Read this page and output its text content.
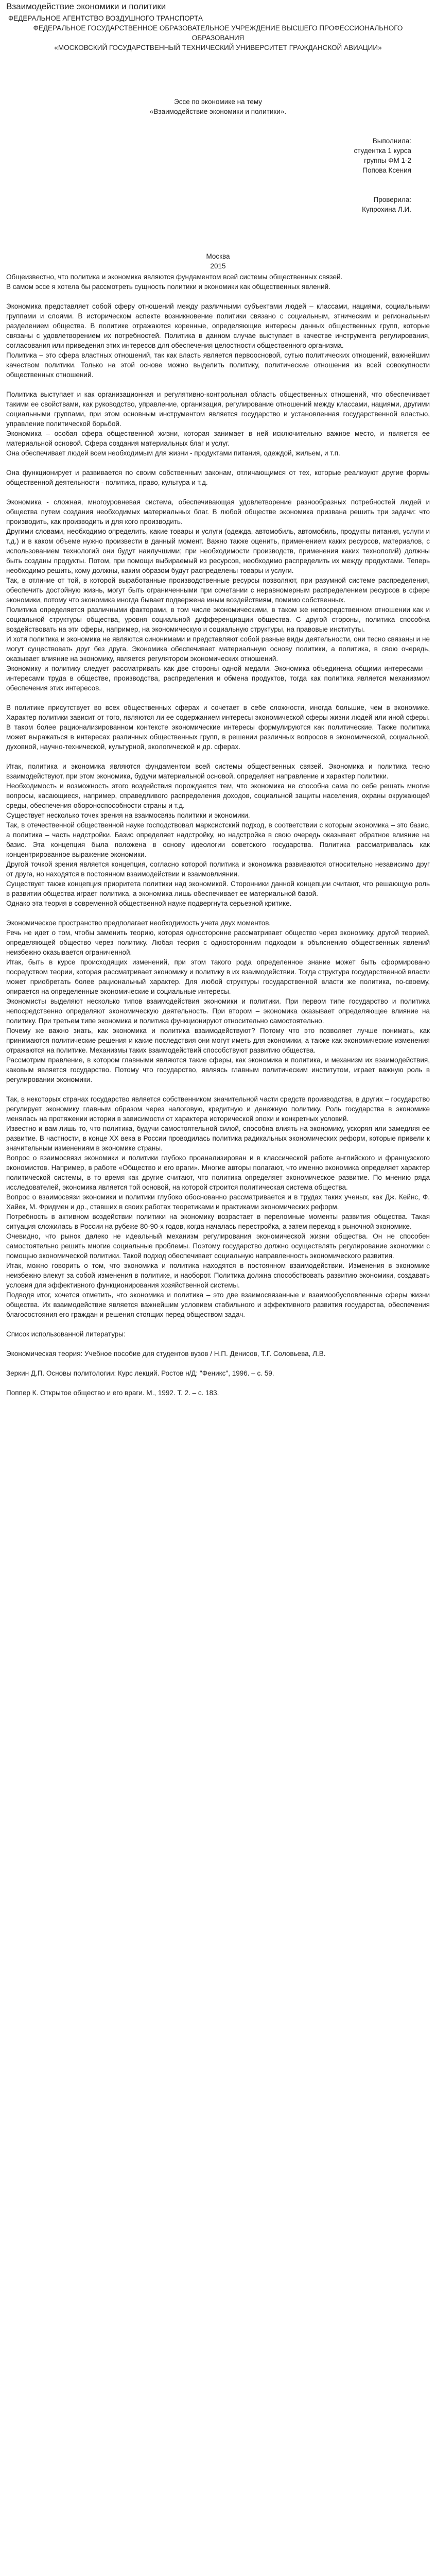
Взаимодействие экономики и политики

ФЕДЕРАЛЬНОЕ АГЕНТСТВО ВОЗДУШНОГО ТРАНСПОРТА

ФЕДЕРАЛЬНОЕ ГОСУДАРСТВЕННОЕ ОБРАЗОВАТЕЛЬНОЕ УЧРЕЖДЕНИЕ ВЫСШЕГО ПРОФЕССИОНАЛЬНОГО ОБРАЗОВАНИЯ

«МОСКОВСКИЙ ГОСУДАРСТВЕННЫЙ ТЕХНИЧЕСКИЙ УНИВЕРСИТЕТ ГРАЖДАНСКОЙ АВИАЦИИ»

Эссе по экономике на тему

«Взаимодействие экономики и политики».

Выполнила:

студентка 1 курса

группы ФМ 1-2

Попова Ксения

Проверила:

Купрохина Л.И.

Москва

2015

Общеизвестно, что политика и экономика являются фундаментом всей системы общественных связей.

В самом эссе я хотела бы рассмотреть сущность политики и экономики как общественных явлений.

Экономика представляет собой сферу отношений между различными субъектами людей – классами, нациями, социальными группами и слоями. В историческом аспекте возникновение политики связано с социальным, этническим и региональным разделением общества. В политике отражаются коренные, определяющие интересы данных общественных групп, которые связаны с удовлетворением их потребностей. Политика в данном случае выступает в качестве инструмента регулирования, согласования или приведения этих интересов для обеспечения целостности общественного организма.

Политика – это сфера властных отношений, так как власть является первоосновой, сутью политических отношений, важнейшим качеством политики. Только на этой основе можно выделить политику, политические отношения из всей совокупности общественных отношений.

Политика выступает и как организационная и регулятивно-контрольная область общественных отношений, что обеспечивает такими ее свойствами, как руководство, управление, организация, регулирование отношений между классами, нациями, другими социальными группами, при этом основным инструментом является государство и установленная государственной властью, управление политической борьбой.

Экономика – особая сфера общественной жизни, которая занимает в ней исключительно важное место, и является ее материальной основой. Сфера создания материальных благ и услуг.

Она обеспечивает людей всем необходимым для жизни - продуктами питания, одеждой, жильем, и т.п.

Она функционирует и развивается по своим собственным законам, отличающимся от тех, которые реализуют другие формы общественной деятельности - политика, право, культура и т.д.

Экономика - сложная, многоуровневая система, обеспечивающая удовлетворение разнообразных потребностей людей и общества путем создания необходимых материальных благ. В любой обществе экономика призвана решить три задачи: что производить, как производить и для кого производить.

Другими словами, необходимо определить, какие товары и услуги (одежда, автомобиль, автомобиль, продукты питания, услуги и т.д.) и в каком объеме нужно произвести в данный момент. Важно также оценить, применением каких ресурсов, материалов, с использованием технологий они будут наилучшими; при необходимости производств, применения каких технологий) должны быть созданы продукты. Потом, при помощи выбираемый из ресурсов, необходимо распределить их между продуктами. Теперь необходимо решить, кому должны, каким образом будут распределены товары и услуги.

Так, в отличие от той, в которой выработанные производственные ресурсы позволяют, при разумной системе распределения, обеспечить достойную жизнь, могут быть ограниченными при сочетании с неравномерным распределением ресурсов в сфере экономики, потому что экономика иногда бывает подвержена иным воздействиям, помимо собственных.

Политика определяется различными факторами, в том числе экономическими, в таком же непосредственном отношении как и социальной структуры общества, уровня социальной дифференциации общества. С другой стороны, политика способна воздействовать на эти сферы, например, на экономическую и социальную структуры, на правовые институты.

И хотя политика и экономика не являются синонимами и представляют собой разные виды деятельности, они тесно связаны и не могут существовать друг без друга. Экономика обеспечивает материальную основу политики, а политика, в свою очередь, оказывает влияние на экономику, является регулятором экономических отношений.

Экономику и политику следует рассматривать как две стороны одной медали. Экономика объединена общими интересами – интересами труда в обществе, производства, распределения и обмена продуктов, тогда как политика является механизмом обеспечения этих интересов.

В политике присутствует во всех общественных сферах и сочетает в себе сложности, иногда большие, чем в экономике. Характер политики зависит от того, являются ли ее содержанием интересы экономической сферы жизни людей или иной сферы. В таком более рационализированном контексте экономические интересы формулируются как политические. Также политика может выражаться в интересах различных общественных групп, в решении различных вопросов в экономической, социальной, духовной, научно-технической, культурной, экологической и др. сферах.

Итак, политика и экономика являются фундаментом всей системы общественных связей. Экономика и политика тесно взаимодействуют, при этом экономика, будучи материальной основой, определяет направление и характер политики.

Необходимость и возможность этого воздействия порождается тем, что экономика не способна сама по себе решать многие вопросы, касающиеся, например, справедливого распределения доходов, социальной защиты населения, охраны окружающей среды, обеспечения обороноспособности страны и т.д.

Существует несколько точек зрения на взаимосвязь политики и экономики.

Так, в отечественной общественной науке господствовал марксистский подход, в соответствии с которым экономика – это базис, а политика – часть надстройки. Базис определяет надстройку, но надстройка в свою очередь оказывает обратное влияние на базис. Эта концепция была положена в основу идеологии советского государства. Политика рассматривалась как концентрированное выражение экономики.

Другой точкой зрения является концепция, согласно которой политика и экономика развиваются относительно независимо друг от друга, но находятся в постоянном взаимодействии и взаимовлиянии.

Существует также концепция приоритета политики над экономикой. Сторонники данной концепции считают, что решающую роль в развитии общества играет политика, а экономика лишь обеспечивает ее материальной базой.

Однако эта теория в современной общественной науке подвергнута серьезной критике.

Экономическое пространство предполагает необходимость учета двух моментов.

Речь не идет о том, чтобы заменить теорию, которая односторонне рассматривает общество через экономику, другой теорией, определяющей общество через политику. Любая теория с односторонним подходом к объяснению общественных явлений неизбежно оказывается ограниченной.

Итак, быть в курсе происходящих изменений, при этом такого рода определенное знание может быть сформировано посредством теории, которая рассматривает экономику и политику в их взаимодействии. Тогда структура государственной власти может приобретать более рациональный характер. Для любой структуры государственной власти же политика, по-своему, опирается на определенные экономические и социальные интересы.

Экономисты выделяют несколько типов взаимодействия экономики и политики. При первом типе государство и политика непосредственно определяют экономическую деятельность. При втором – экономика оказывает определяющее влияние на политику. При третьем типе экономика и политика функционируют относительно самостоятельно.

Почему же важно знать, как экономика и политика взаимодействуют? Потому что это позволяет лучше понимать, как принимаются политические решения и какие последствия они могут иметь для экономики, а также как экономические изменения отражаются на политике. Механизмы таких взаимодействий способствуют развитию общества.

Рассмотрим правление, в котором главными являются такие сферы, как экономика и политика, и механизм их взаимодействия, каковым является государство. Потому что государство, являясь главным политическим институтом, играет важную роль в регулировании экономики.

Так, в некоторых странах государство является собственником значительной части средств производства, в других – государство регулирует экономику главным образом через налоговую, кредитную и денежную политику. Роль государства в экономике менялась на протяжении истории в зависимости от характера исторической эпохи и конкретных условий.

Известно и вам лишь то, что политика, будучи самостоятельной силой, способна влиять на экономику, ускоряя или замедляя ее развитие. В частности, в конце ХХ века в России проводилась политика радикальных экономических реформ, которые привели к значительным изменениям в экономике страны.

Вопрос о взаимосвязи экономики и политики глубоко проанализирован и в классической работе английского и французского экономистов. Например, в работе «Общество и его враги». Многие авторы полагают, что именно экономика определяет характер политической системы, в то время как другие считают, что политика определяет экономическое развитие. По мнению ряда исследователей, экономика является той основой, на которой строится политическая система общества.

Вопрос о взаимосвязи экономики и политики глубоко обоснованно рассматривается и в трудах таких ученых, как Дж. Кейнс, Ф. Хайек, М. Фридмен и др., ставших в своих работах теоретиками и практиками экономических реформ.

Потребность в активном воздействии политики на экономику возрастает в переломные моменты развития общества. Такая ситуация сложилась в России на рубеже 80-90-х годов, когда началась перестройка, а затем переход к рыночной экономике.

Очевидно, что рынок далеко не идеальный механизм регулирования экономической жизни общества. Он не способен самостоятельно решить многие социальные проблемы. Поэтому государство должно осуществлять регулирование экономики с помощью экономической политики. Такой подход обеспечивает социальную направленность экономического развития.

Итак, можно говорить о том, что экономика и политика находятся в постоянном взаимодействии. Изменения в экономике неизбежно влекут за собой изменения в политике, и наоборот. Политика должна способствовать развитию экономики, создавать условия для эффективного функционирования хозяйственной системы.

Подводя итог, хочется отметить, что экономика и политика – это две взаимосвязанные и взаимообусловленные сферы жизни общества. Их взаимодействие является важнейшим условием стабильного и эффективного развития государства, обеспечения благосостояния его граждан и решения стоящих перед обществом задач.

Список использованной литературы:

Экономическая теория: Учебное пособие для студентов вузов / Н.П. Денисов, Т.Г. Соловьева, Л.В.

Зеркин Д.П. Основы политологии: Курс лекций. Ростов н/Д: "Феникс", 1996. – с. 59.

Поппер К. Открытое общество и его враги. М., 1992. Т. 2. – с. 183.
